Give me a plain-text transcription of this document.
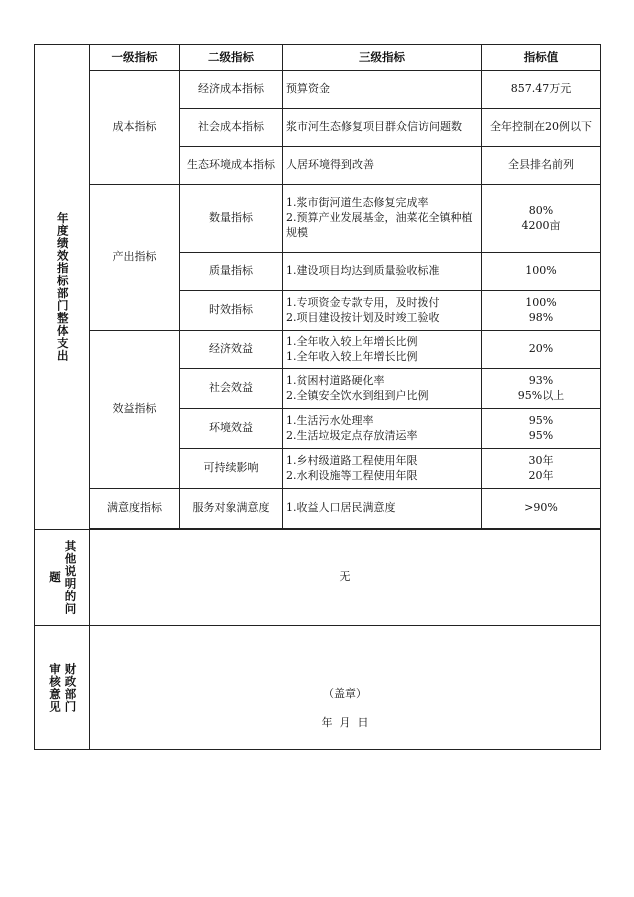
年度绩效指标部门整体支出	一级指标	二级指标	三级指标	指标值
	成本指标	经济成本指标	预算资金	857.47万元

		社会成本指标	浆市河生态修复项目群众信访问题数	全年控制在20例以下

		生态环境成本指标	人居环境得到改善	全县排名前列

	产出指标	数量指标	1.浆市街河道生态修复完成率
2.预算产业发展基金，油菜花全镇种植规模	80%
4200亩

		质量指标	1.建设项目均达到质量验收标准	100%

		时效指标	1.专项资金专款专用，及时拨付
2.项目建设按计划及时竣工验收	100%
98%

	效益指标	经济效益	1.全年收入较上年增长比例
1.全年收入较上年增长比例	20%

		社会效益	1.贫困村道路硬化率
2.全镇安全饮水到组到户比例	93%
95%以上

		环境效益	1.生活污水处理率
2.生活垃圾定点存放清运率	95%
95%

		可持续影响	1.乡村级道路工程使用年限
2.水利设施等工程使用年限	30年
20年

	满意度指标	服务对象满意度	1.收益人口居民满意度	>90%

其他说明的问题	无			

财政部门审核意见	（盖章）
年  月  日			
